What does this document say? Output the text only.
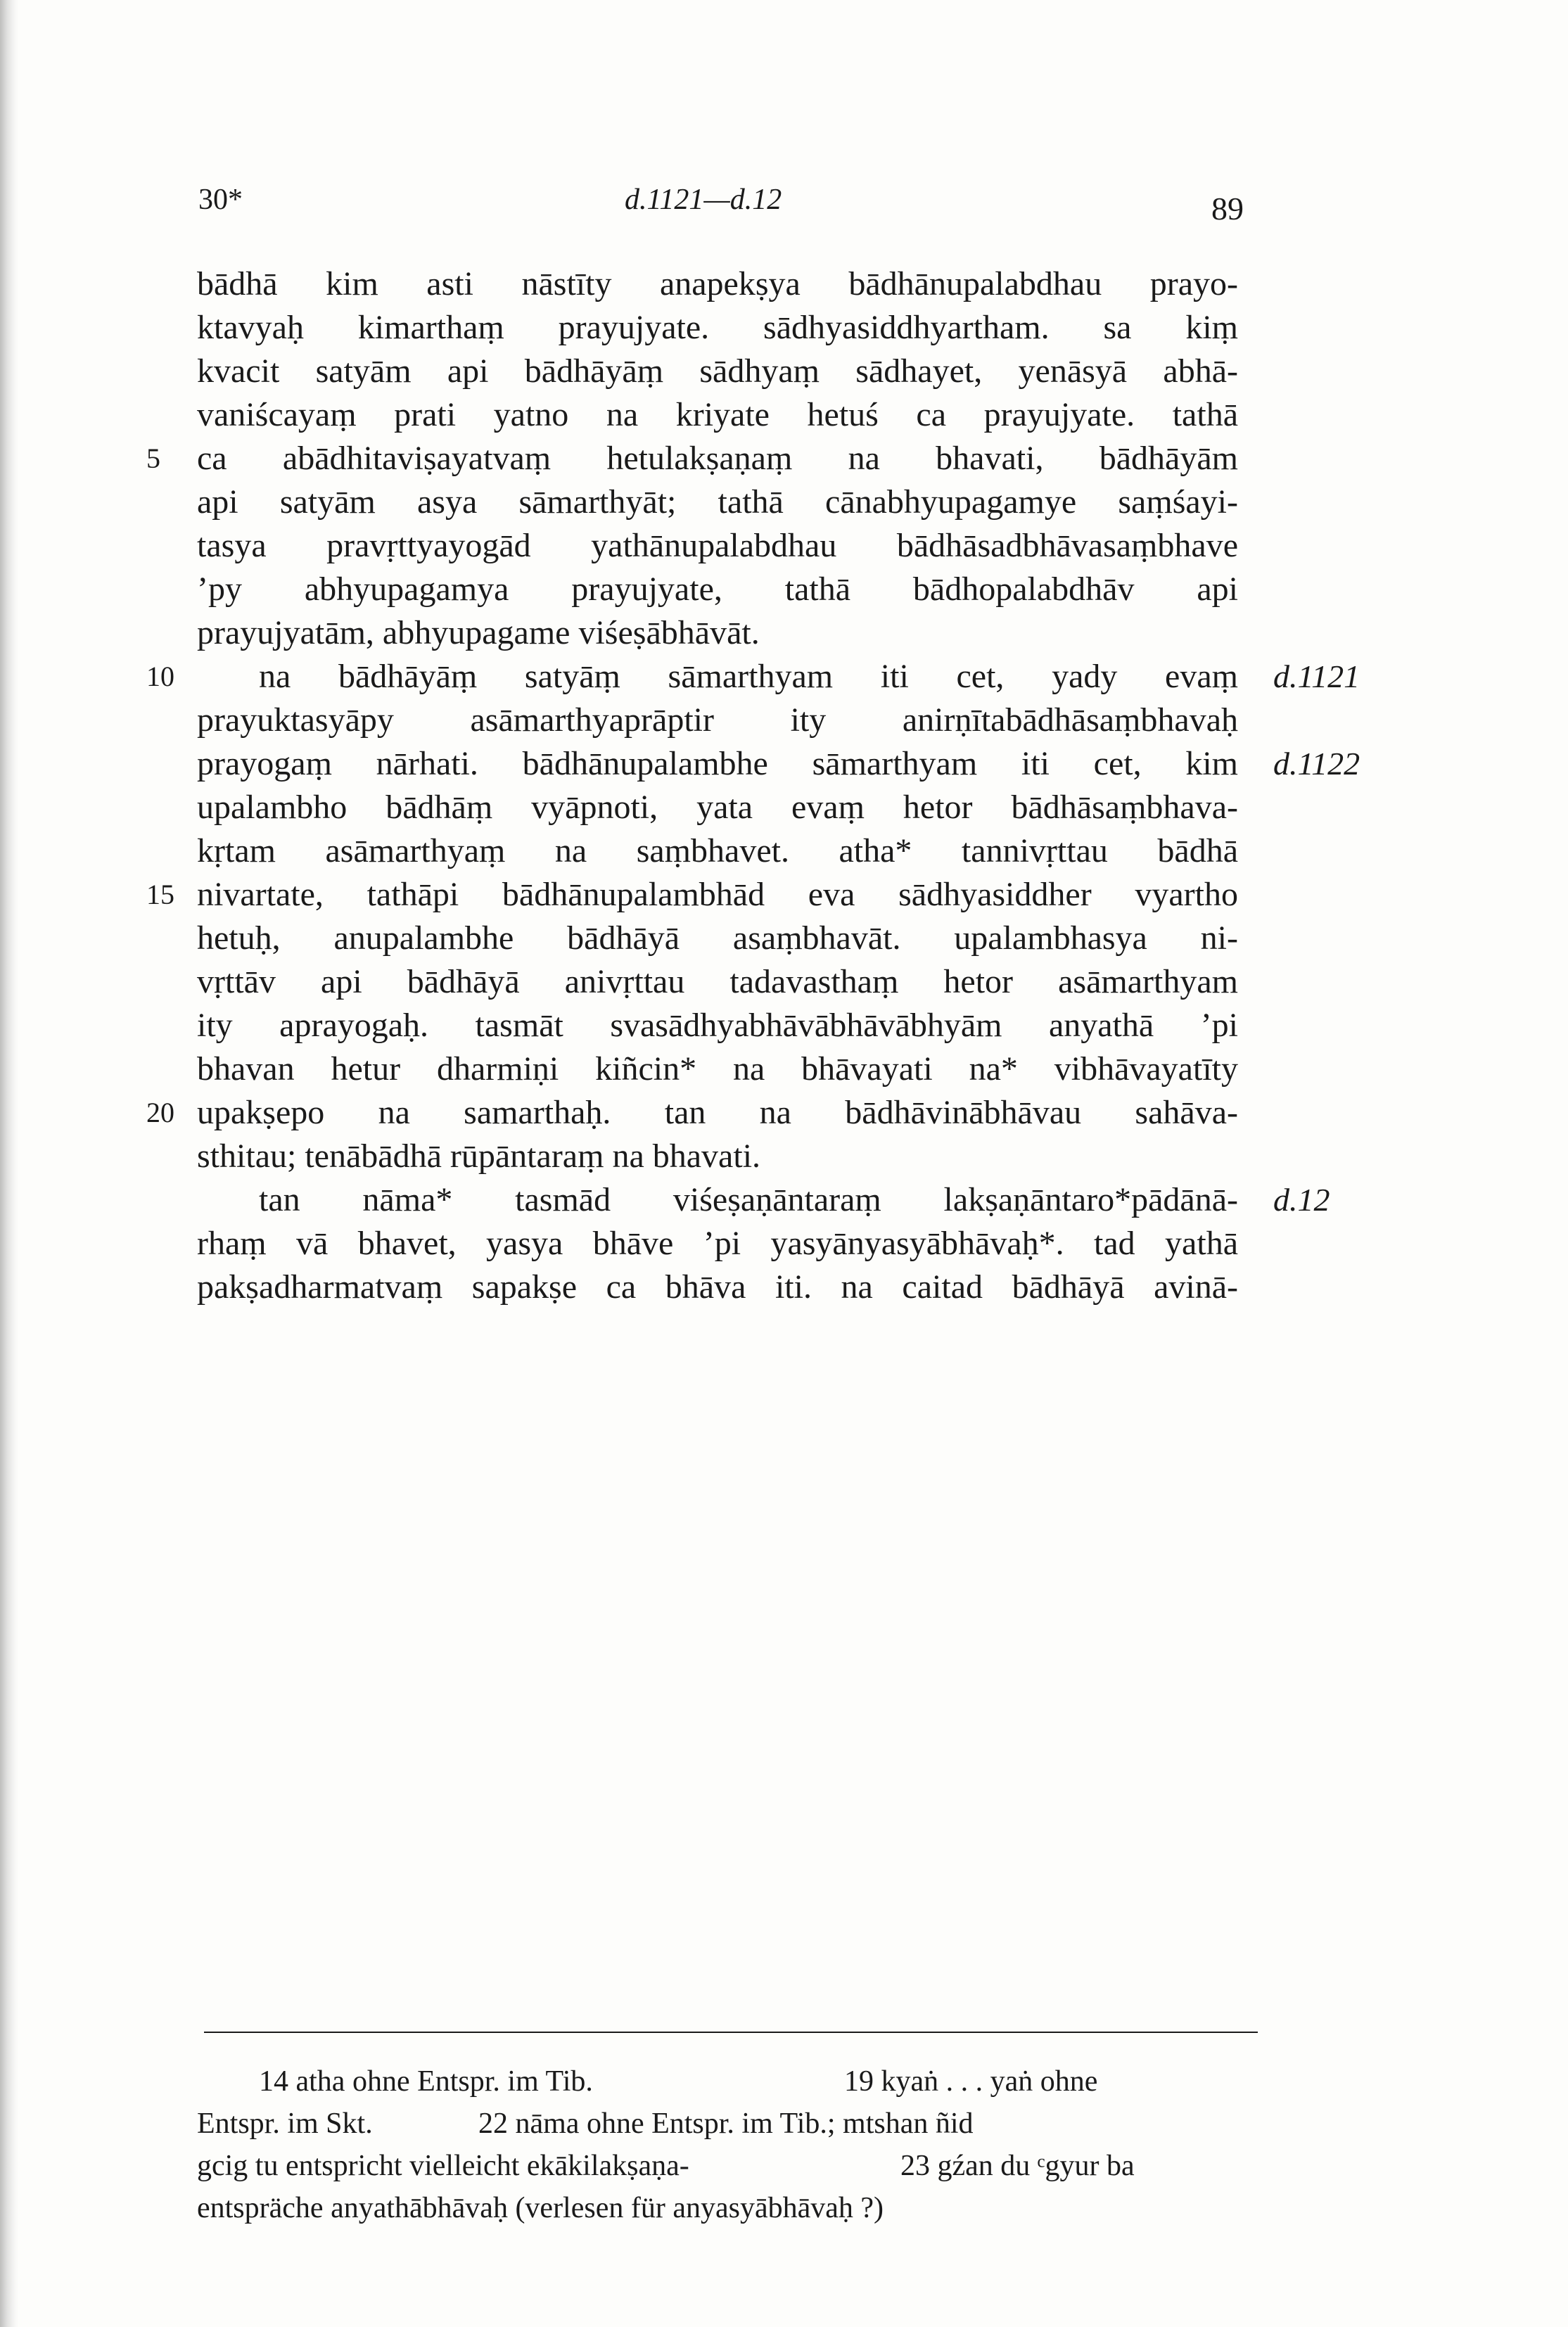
30*	d.1121—d.12	89
bādhā kim asti nāstīty anapekṣya bādhānupalabdhau prayo-
ktavyaḥ kimarthaṃ prayujyate. sādhyasiddhyartham. sa kiṃ
kvacit satyām api bādhāyāṃ sādhyaṃ sādhayet, yenāsyā abhā-
vaniścayaṃ prati yatno na kriyate hetuś ca prayujyate. tathā
5	ca abādhitaviṣayatvaṃ hetulakṣaṇaṃ na bhavati, bādhāyām
api satyām asya sāmarthyāt; tathā cānabhyupagamye saṃśayi-
tasya pravṛttyayogād yathānupalabdhau bādhāsadbhāvasaṃbhave
’py abhyupagamya prayujyate, tathā bādhopalabdhāv api
prayujyatām, abhyupagame viśeṣābhāvāt.
10	na bādhāyāṃ satyāṃ sāmarthyam iti cet, yady evaṃ d.1121
prayuktasyāpy asāmarthyaprāptir ity anirṇītabādhāsaṃbhavaḥ
prayogaṃ nārhati. bādhānupalambhe sāmarthyam iti cet, kim d.1122
upalambho bādhāṃ vyāpnoti, yata evaṃ hetor bādhāsaṃbhava-
kṛtam asāmarthyaṃ na saṃbhavet. atha* tannivṛttau bādhā
15 nivartate, tathāpi bādhānupalambhād eva sādhyasiddher vyartho
hetuḥ, anupalambhe bādhāyā asaṃbhavāt. upalambhasya ni-
vṛttāv api bādhāyā anivṛttau tadavasthaṃ hetor asāmarthyam
ity aprayogaḥ. tasmāt svasādhyabhāvābhāvābhyām anyathā ’pi
bhavan hetur dharmiṇi kiñcin* na bhāvayati na* vibhāvayatīty
20 upakṣepo na samarthaḥ. tan na bādhāvinābhāvau sahāva-
sthitau; tenābādhā rūpāntaraṃ na bhavati.
tan nāma* tasmād viśeṣaṇāntaraṃ lakṣaṇāntaro*pādānā- d.12
rhaṃ vā bhavet, yasya bhāve ’pi yasyānyasyābhāvaḥ*. tad yathā
pakṣadharmatvaṃ sapakṣe ca bhāva iti. na caitad bādhāyā avinā-
14 atha ohne Entspr. im Tib.	19 kyaṅ . . . yaṅ ohne
Entspr. im Skt.	22 nāma ohne Entspr. im Tib.; mtshan ñid
gcig tu entspricht vielleicht ekākilakṣaṇa-	23 gźan du ᶜgyur ba
entspräche anyathābhāvaḥ (verlesen für anyasyābhāvaḥ ?)
